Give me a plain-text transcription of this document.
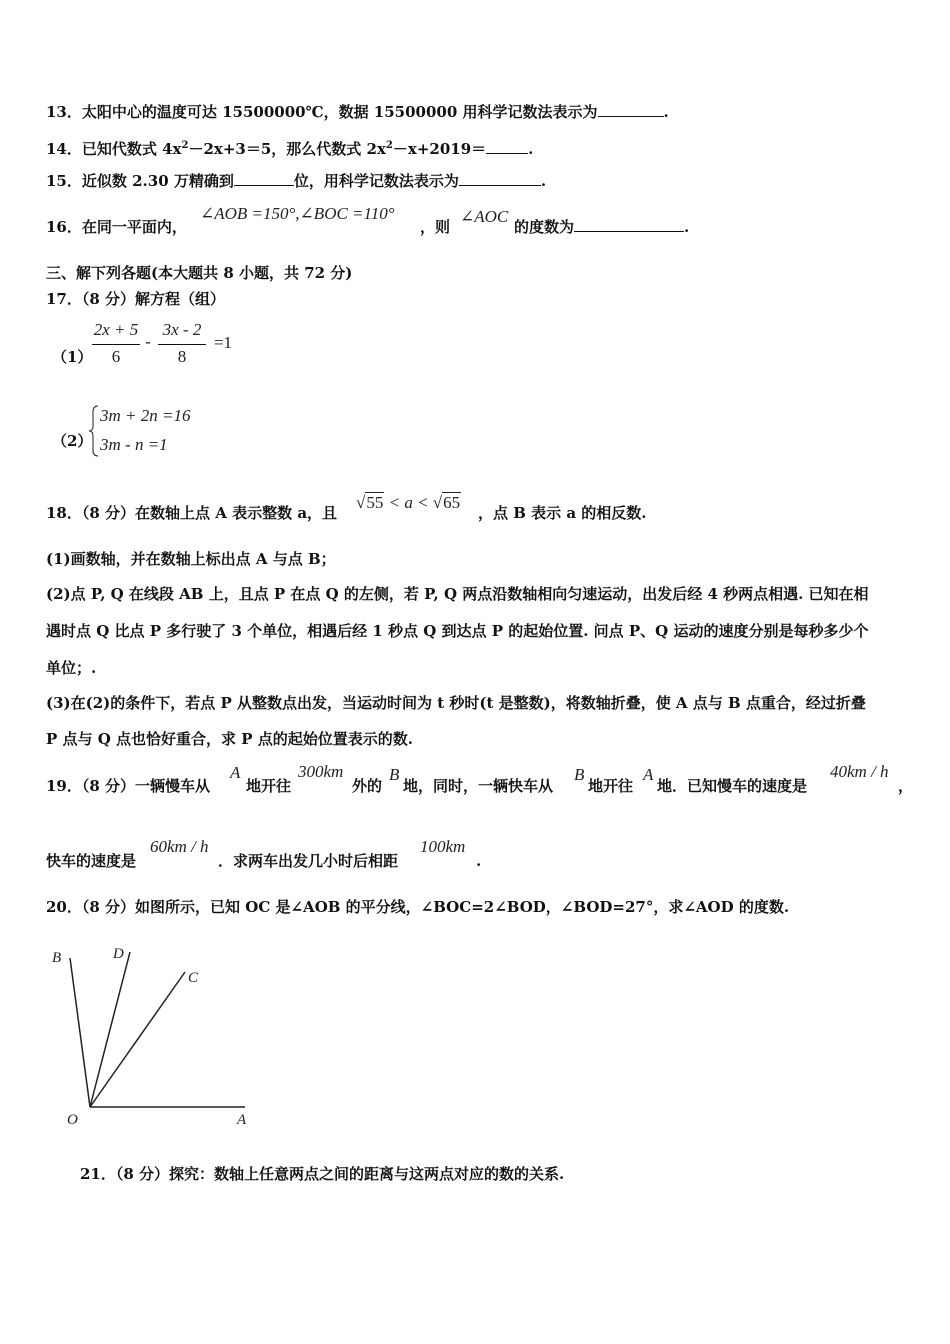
13．太阳中心的温度可达 15500000℃，数据 15500000 用科学记数法表示为	.
14．已知代数式 $4x^2-2x+3=5$，那么代数式 $2x^2-x+2019=$	.
15．近似数 2.30 万精确到	位，用科学记数法表示为	.
16．在同一平面内，
∠AOB =150°,∠BOC =110°
，则
∠AOC
的度数为	.
三、解下列各题(本大题共 8 小题，共 72 分)
17．（8 分）解方程（组）
（1）
2x + 5
6
-
3x - 2
8
=1
（2）
3m + 2n =16
3m - n =1
18．（8 分）在数轴上点 A 表示整数 a，且
√55 < a < √65
，点 B 表示 a 的相反数.
(1)画数轴，并在数轴上标出点 A 与点 B；
(2)点 P, Q 在线段 AB 上，且点 P 在点 Q 的左侧，若 P, Q 两点沿数轴相向匀速运动，出发后经 4 秒两点相遇. 已知在相
遇时点 Q 比点 P 多行驶了 3 个单位，相遇后经 1 秒点 Q 到达点 P 的起始位置. 问点 P、Q 运动的速度分别是每秒多少个
单位；.
(3)在(2)的条件下，若点 P 从整数点出发，当运动时间为 t 秒时(t 是整数)，将数轴折叠，使 A 点与 B 点重合，经过折叠
P 点与 Q 点也恰好重合，求 P 点的起始位置表示的数.
19．（8 分）一辆慢车从
A
地开往
300km
外的
B
地，同时，一辆快车从
B
地开往
A
地．已知慢车的速度是
40km / h
，
快车的速度是
60km / h
．求两车出发几小时后相距
100km
.
20．（8 分）如图所示，已知 OC 是∠AOB 的平分线，∠BOC=2∠BOD，∠BOD=27°，求∠AOD 的度数.
B	D
C
O	A
21．（8 分）探究：数轴上任意两点之间的距离与这两点对应的数的关系.
